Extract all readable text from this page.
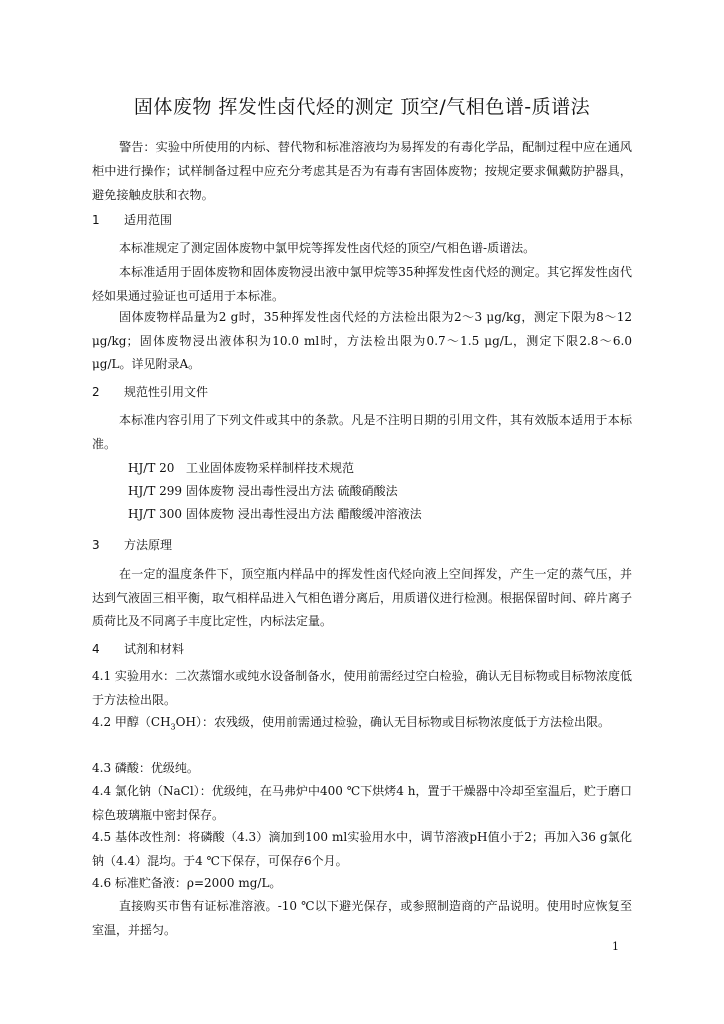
固体废物 挥发性卤代烃的测定 顶空/气相色谱-质谱法
警告：实验中所使用的内标、替代物和标准溶液均为易挥发的有毒化学品，配制过程中应在通风柜中进行操作；试样制备过程中应充分考虑其是否为有毒有害固体废物；按规定要求佩戴防护器具，避免接触皮肤和衣物。
1 适用范围
本标准规定了测定固体废物中氯甲烷等挥发性卤代烃的顶空/气相色谱-质谱法。
本标准适用于固体废物和固体废物浸出液中氯甲烷等35种挥发性卤代烃的测定。其它挥发性卤代烃如果通过验证也可适用于本标准。
固体废物样品量为2 g时，35种挥发性卤代烃的方法检出限为2～3 μg/kg，测定下限为8～12 μg/kg；固体废物浸出液体积为10.0 ml时，方法检出限为0.7～1.5 μg/L，测定下限2.8～6.0 μg/L。详见附录A。
2 规范性引用文件
本标准内容引用了下列文件或其中的条款。凡是不注明日期的引用文件，其有效版本适用于本标准。
HJ/T 20 工业固体废物采样制样技术规范
HJ/T 299 固体废物 浸出毒性浸出方法 硫酸硝酸法
HJ/T 300 固体废物 浸出毒性浸出方法 醋酸缓冲溶液法
3 方法原理
在一定的温度条件下，顶空瓶内样品中的挥发性卤代烃向液上空间挥发，产生一定的蒸气压，并达到气液固三相平衡，取气相样品进入气相色谱分离后，用质谱仪进行检测。根据保留时间、碎片离子质荷比及不同离子丰度比定性，内标法定量。
4 试剂和材料
4.1 实验用水：二次蒸馏水或纯水设备制备水，使用前需经过空白检验，确认无目标物或目标物浓度低于方法检出限。
4.2 甲醇$(CH_3OH)$：农残级，使用前需通过检验，确认无目标物或目标物浓度低于方法检出限。
4.3 磷酸：优级纯。
4.4 氯化钠（NaCl）：优级纯，在马弗炉中400 ℃下烘烤4 h，置于干燥器中冷却至室温后，贮于磨口棕色玻璃瓶中密封保存。
4.5 基体改性剂：将磷酸（4.3）滴加到100 ml实验用水中，调节溶液pH值小于2；再加入36 g氯化钠（4.4）混均。于4 ℃下保存，可保存6个月。
4.6 标准贮备液：ρ=2000 mg/L。
直接购买市售有证标准溶液。-10 ℃以下避光保存，或参照制造商的产品说明。使用时应恢复至室温，并摇匀。
1
